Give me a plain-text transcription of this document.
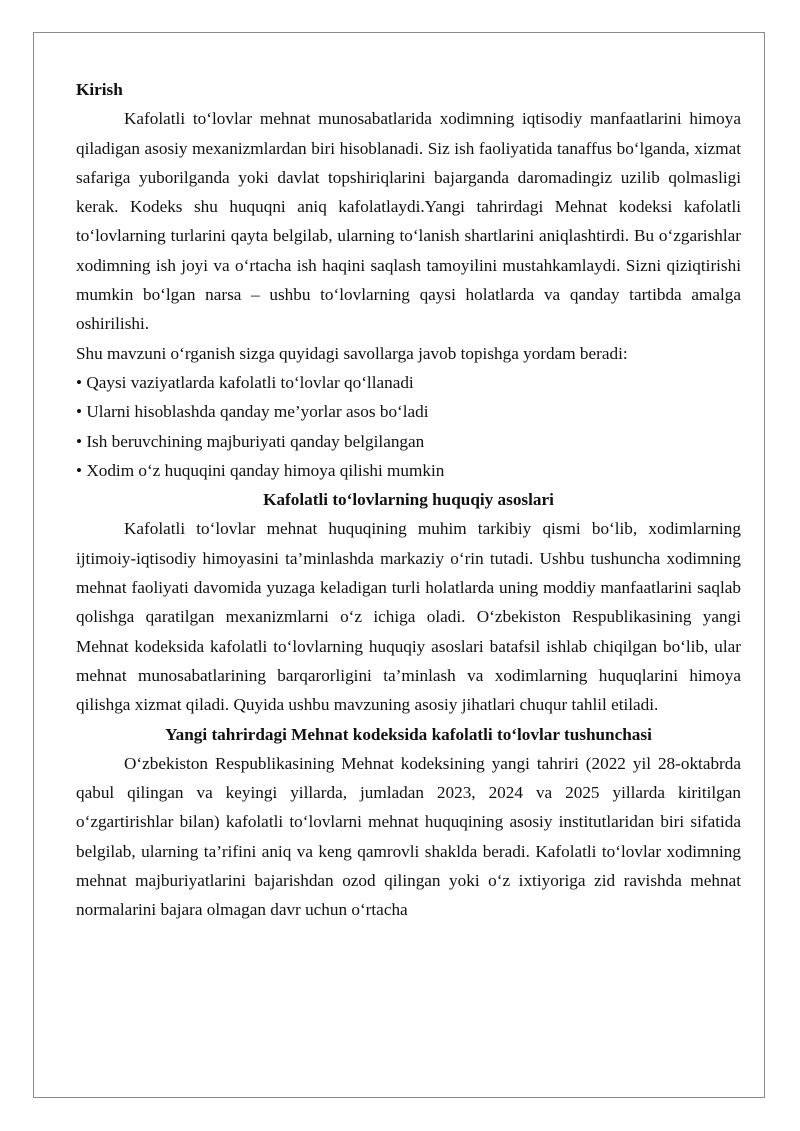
Kirish

Kafolatli to‘lovlar mehnat munosabatlarida xodimning iqtisodiy manfaatlarini himoya qiladigan asosiy mexanizmlardan biri hisoblanadi. Siz ish faoliyatida tanaffus bo‘lganda, xizmat safariga yuborilganda yoki davlat topshiriqlarini bajarganda daromadingiz uzilib qolmasligi kerak. Kodeks shu huquqni aniq kafolatlaydi.Yangi tahrirdagi Mehnat kodeksi kafolatli to‘lovlarning turlarini qayta belgilab, ularning to‘lanish shartlarini aniqlashtirdi. Bu o‘zgarishlar xodimning ish joyi va o‘rtacha ish haqini saqlash tamoyilini mustahkamlaydi. Sizni qiziqtirishi mumkin bo‘lgan narsa – ushbu to‘lovlarning qaysi holatlarda va qanday tartibda amalga oshirilishi.

Shu mavzuni o‘rganish sizga quyidagi savollarga javob topishga yordam beradi:

• Qaysi vaziyatlarda kafolatli to‘lovlar qo‘llanadi

• Ularni hisoblashda qanday me’yorlar asos bo‘ladi

• Ish beruvchining majburiyati qanday belgilangan

• Xodim o‘z huquqini qanday himoya qilishi mumkin

Kafolatli to‘lovlarning huquqiy asoslari

Kafolatli to‘lovlar mehnat huquqining muhim tarkibiy qismi bo‘lib, xodimlarning ijtimoiy-iqtisodiy himoyasini ta’minlashda markaziy o‘rin tutadi. Ushbu tushuncha xodimning mehnat faoliyati davomida yuzaga keladigan turli holatlarda uning moddiy manfaatlarini saqlab qolishga qaratilgan mexanizmlarni o‘z ichiga oladi. O‘zbekiston Respublikasining yangi Mehnat kodeksida kafolatli to‘lovlarning huquqiy asoslari batafsil ishlab chiqilgan bo‘lib, ular mehnat munosabatlarining barqarorligini ta’minlash va xodimlarning huquqlarini himoya qilishga xizmat qiladi. Quyida ushbu mavzuning asosiy jihatlari chuqur tahlil etiladi.

Yangi tahrirdagi Mehnat kodeksida kafolatli to‘lovlar tushunchasi

O‘zbekiston Respublikasining Mehnat kodeksining yangi tahriri (2022 yil 28-oktabrda qabul qilingan va keyingi yillarda, jumladan 2023, 2024 va 2025 yillarda kiritilgan o‘zgartirishlar bilan) kafolatli to‘lovlarni mehnat huquqining asosiy institutlaridan biri sifatida belgilab, ularning ta’rifini aniq va keng qamrovli shaklda beradi. Kafolatli to‘lovlar xodimning mehnat majburiyatlarini bajarishdan ozod qilingan yoki o‘z ixtiyoriga zid ravishda mehnat normalarini bajara olmagan davr uchun o‘rtacha
